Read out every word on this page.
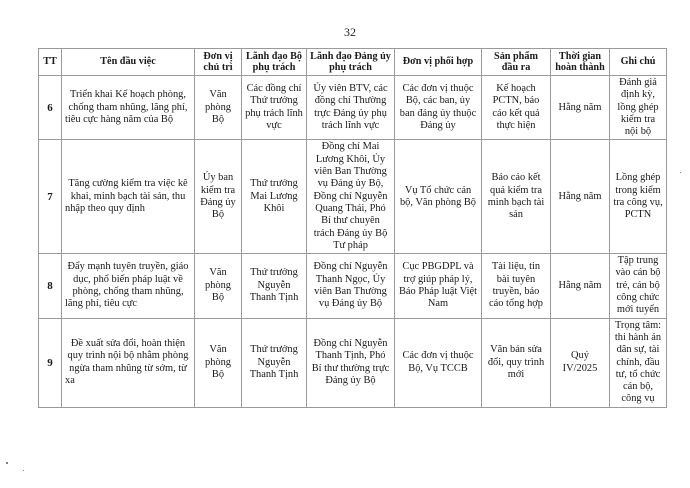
32
TT	Tên đầu việc	Đơn vị chủ trì	Lãnh đạo Bộ phụ trách	Lãnh đạo Đảng ủy phụ trách	Đơn vị phối hợp	Sản phẩm đầu ra	Thời gian hoàn thành	Ghi chú
6	Triển khai Kế hoạch phòng, chống tham nhũng, lãng phí, tiêu cực hàng năm của Bộ	Văn phòng Bộ	Các đồng chí Thứ trưởng phụ trách lĩnh vực	Ủy viên BTV, các đồng chí Thường trực Đảng ủy phụ trách lĩnh vực	Các đơn vị thuộc Bộ, các ban, ủy ban đảng ủy thuộc Đảng ủy	Kế hoạch PCTN, báo cáo kết quả thực hiện	Hằng năm	Đánh giá định kỳ, lồng ghép kiểm tra nội bộ
7	Tăng cường kiểm tra việc kê khai, minh bạch tài sản, thu nhập theo quy định	Ủy ban kiểm tra Đảng ủy Bộ	Thứ trưởng Mai Lương Khôi	Đồng chí Mai Lương Khôi, Ủy viên Ban Thường vụ Đảng ủy Bộ, Đồng chí Nguyễn Quang Thái, Phó Bí thư chuyên trách Đảng ủy Bộ Tư pháp	Vụ Tổ chức cán bộ, Văn phòng Bộ	Báo cáo kết quả kiểm tra minh bạch tài sản	Hằng năm	Lồng ghép trong kiểm tra công vụ, PCTN
8	Đẩy mạnh tuyên truyền, giáo dục, phổ biến pháp luật về phòng, chống tham nhũng, lãng phí, tiêu cực	Văn phòng Bộ	Thứ trưởng Nguyễn Thanh Tịnh	Đồng chí Nguyễn Thanh Ngọc, Ủy viên Ban Thường vụ Đảng ủy Bộ	Cục PBGDPL và trợ giúp pháp lý, Báo Pháp luật Việt Nam	Tài liệu, tin bài tuyên truyền, báo cáo tổng hợp	Hằng năm	Tập trung vào cán bộ trẻ, cán bộ công chức mới tuyển
9	Đề xuất sửa đổi, hoàn thiện quy trình nội bộ nhằm phòng ngừa tham nhũng từ sớm, từ xa	Văn phòng Bộ	Thứ trưởng Nguyễn Thanh Tịnh	Đồng chí Nguyễn Thanh Tịnh, Phó Bí thư thường trực Đảng ủy Bộ	Các đơn vị thuộc Bộ, Vụ TCCB	Văn bản sửa đổi, quy trình mới	Quý IV/2025	Trọng tâm: thi hành án dân sự, tài chính, đầu tư, tổ chức cán bộ, công vụ
